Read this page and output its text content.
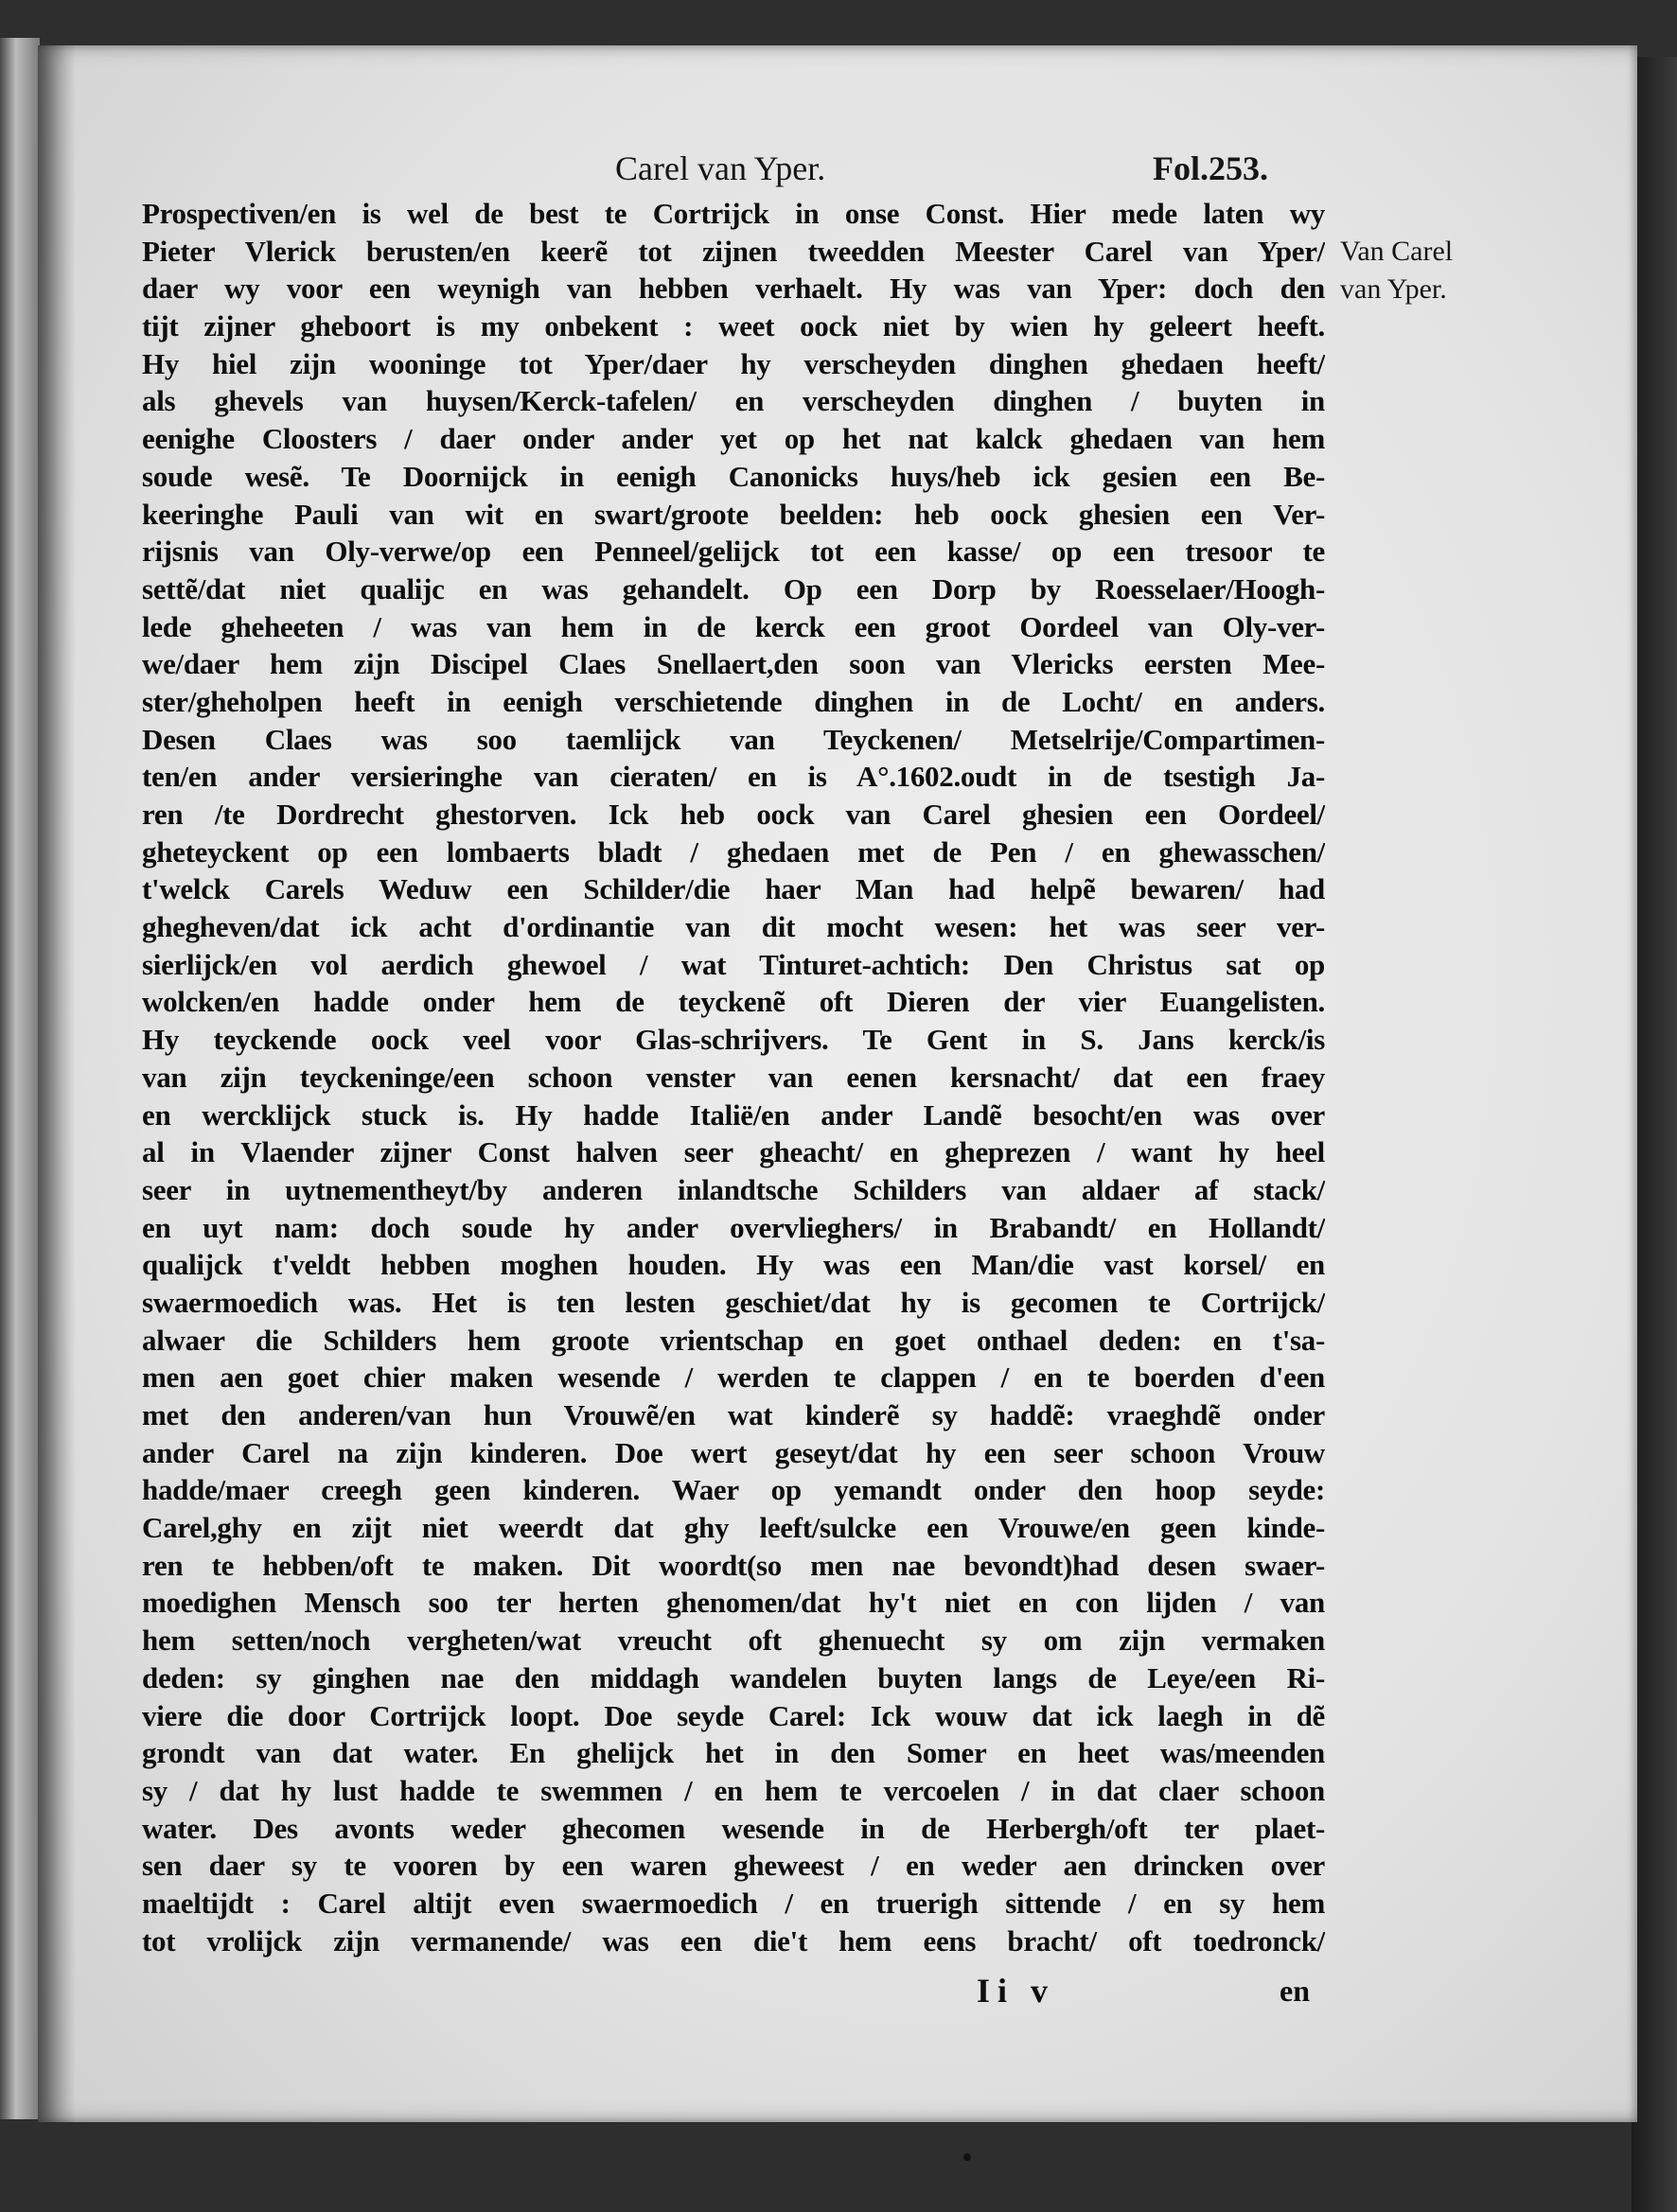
Carel van Yper.	Fol.253.
Van Carel
van Yper.
Prospectiven/en is wel de best te Cortrijck in onse Const. Hier mede laten wy
Pieter Vlerick berusten/en keerẽ tot zijnen tweedden Meester Carel van Yper/
daer wy voor een weynigh van hebben verhaelt. Hy was van Yper: doch den
tijt zijner gheboort is my onbekent : weet oock niet by wien hy geleert heeft.
Hy hiel zijn wooninge tot Yper/daer hy verscheyden dinghen ghedaen heeft/
als ghevels van huysen/Kerck-tafelen/ en verscheyden dinghen / buyten in
eenighe Cloosters / daer onder ander yet op het nat kalck ghedaen van hem
soude wesẽ. Te Doornijck in eenigh Canonicks huys/heb ick gesien een Be-
keeringhe Pauli van wit en swart/groote beelden: heb oock ghesien een Ver-
rijsnis van Oly-verwe/op een Penneel/gelijck tot een kasse/ op een tresoor te
settẽ/dat niet qualijc en was gehandelt. Op een Dorp by Roesselaer/Hoogh-
lede gheheeten / was van hem in de kerck een groot Oordeel van Oly-ver-
we/daer hem zijn Discipel Claes Snellaert,den soon van Vlericks eersten Mee-
ster/gheholpen heeft in eenigh verschietende dinghen in de Locht/ en anders.
Desen Claes was soo taemlijck van Teyckenen/ Metselrije/Compartimen-
ten/en ander versieringhe van cieraten/ en is A°.1602.oudt in de tsestigh Ja-
ren /te Dordrecht ghestorven. Ick heb oock van Carel ghesien een Oordeel/
gheteyckent op een lombaerts bladt / ghedaen met de Pen / en ghewasschen/
t'welck Carels Weduw een Schilder/die haer Man had helpẽ bewaren/ had
ghegheven/dat ick acht d'ordinantie van dit mocht wesen: het was seer ver-
sierlijck/en vol aerdich ghewoel / wat Tinturet-achtich: Den Christus sat op
wolcken/en hadde onder hem de teyckenẽ oft Dieren der vier Euangelisten.
Hy teyckende oock veel voor Glas-schrijvers. Te Gent in S. Jans kerck/is
van zijn teyckeninge/een schoon venster van eenen kersnacht/ dat een fraey
en wercklijck stuck is. Hy hadde Italië/en ander Landẽ besocht/en was over
al in Vlaender zijner Const halven seer gheacht/ en gheprezen / want hy heel
seer in uytnementheyt/by anderen inlandtsche Schilders van aldaer af stack/
en uyt nam: doch soude hy ander overvlieghers/ in Brabandt/ en Hollandt/
qualijck t'veldt hebben moghen houden. Hy was een Man/die vast korsel/ en
swaermoedich was. Het is ten lesten geschiet/dat hy is gecomen te Cortrijck/
alwaer die Schilders hem groote vrientschap en goet onthael deden: en t'sa-
men aen goet chier maken wesende / werden te clappen / en te boerden d'een
met den anderen/van hun Vrouwẽ/en wat kinderẽ sy haddẽ: vraeghdẽ onder
ander Carel na zijn kinderen. Doe wert geseyt/dat hy een seer schoon Vrouw
hadde/maer creegh geen kinderen. Waer op yemandt onder den hoop seyde:
Carel,ghy en zijt niet weerdt dat ghy leeft/sulcke een Vrouwe/en geen kinde-
ren te hebben/oft te maken. Dit woordt(so men nae bevondt)had desen swaer-
moedighen Mensch soo ter herten ghenomen/dat hy't niet en con lijden / van
hem setten/noch vergheten/wat vreucht oft ghenuecht sy om zijn vermaken
deden: sy ginghen nae den middagh wandelen buyten langs de Leye/een Ri-
viere die door Cortrijck loopt. Doe seyde Carel: Ick wouw dat ick laegh in dẽ
grondt van dat water. En ghelijck het in den Somer en heet was/meenden
sy / dat hy lust hadde te swemmen / en hem te vercoelen / in dat claer schoon
water. Des avonts weder ghecomen wesende in de Herbergh/oft ter plaet-
sen daer sy te vooren by een waren gheweest / en weder aen drincken over
maeltijdt : Carel altijt even swaermoedich / en truerigh sittende / en sy hem
tot vrolijck zijn vermanende/ was een die't hem eens bracht/ oft toedronck/
Ii v	en
